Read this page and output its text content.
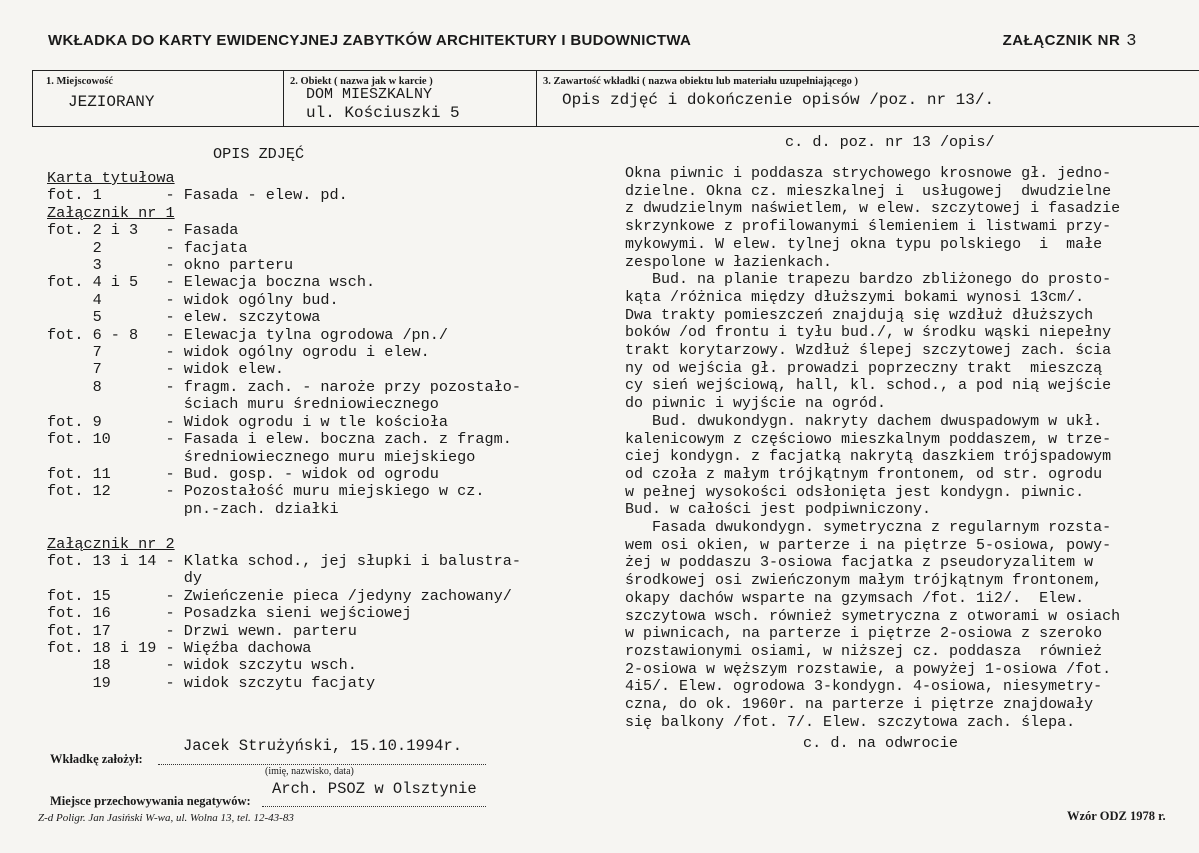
WKŁADKA DO KARTY EWIDENCYJNEJ ZABYTKÓW ARCHITEKTURY I BUDOWNICTWA	ZAŁĄCZNIK NR 3
1. Miejscowość
JEZIORANY
2. Obiekt ( nazwa jak w karcie )
DOM MIESZKALNY
ul. Kościuszki 5
3. Zawartość wkładki ( nazwa obiektu lub materiału uzupełniającego )
Opis zdjęć i dokończenie opisów /poz. nr 13/.
OPIS ZDJĘĆ
Karta tytułowa
fot. 1       - Fasada - elew. pd.
Załącznik nr 1
fot. 2 i 3   - Fasada
2       - facjata
3       - okno parteru
fot. 4 i 5   - Elewacja boczna wsch.
4       - widok ogólny bud.
5       - elew. szczytowa
fot. 6 - 8   - Elewacja tylna ogrodowa /pn./
7       - widok ogólny ogrodu i elew.
7       - widok elew.
8       - fragm. zach. - naroże przy pozostało-
ściach muru średniowiecznego
fot. 9       - Widok ogrodu i w tle kościoła
fot. 10      - Fasada i elew. boczna zach. z fragm.
średniowiecznego muru miejskiego
fot. 11      - Bud. gosp. - widok od ogrodu
fot. 12      - Pozostałość muru miejskiego w cz.
pn.-zach. działki

Załącznik nr 2
fot. 13 i 14 - Klatka schod., jej słupki i balustra-
dy
fot. 15      - Zwieńczenie pieca /jedyny zachowany/
fot. 16      - Posadzka sieni wejściowej
fot. 17      - Drzwi wewn. parteru
fot. 18 i 19 - Więźba dachowa
18      - widok szczytu wsch.
19      - widok szczytu facjaty
c. d. poz. nr 13 /opis/
Okna piwnic i poddasza strychowego krosnowe gł. jedno-
dzielne. Okna cz. mieszkalnej i  usługowej  dwudzielne
z dwudzielnym naświetlem, w elew. szczytowej i fasadzie
skrzynkowe z profilowanymi ślemieniem i listwami przy-
mykowymi. W elew. tylnej okna typu polskiego  i  małe
zespolone w łazienkach.
Bud. na planie trapezu bardzo zbliżonego do prosto-
kąta /różnica między dłuższymi bokami wynosi 13cm/.
Dwa trakty pomieszczeń znajdują się wzdłuż dłuższych
boków /od frontu i tyłu bud./, w środku wąski niepełny
trakt korytarzowy. Wzdłuż ślepej szczytowej zach. ścia
ny od wejścia gł. prowadzi poprzeczny trakt  mieszczą
cy sień wejściową, hall, kl. schod., a pod nią wejście
do piwnic i wyjście na ogród.
Bud. dwukondygn. nakryty dachem dwuspadowym w ukł.
kalenicowym z częściowo mieszkalnym poddaszem, w trze-
ciej kondygn. z facjatką nakrytą daszkiem trójspadowym
od czoła z małym trójkątnym frontonem, od str. ogrodu
w pełnej wysokości odsłonięta jest kondygn. piwnic.
Bud. w całości jest podpiwniczony.
Fasada dwukondygn. symetryczna z regularnym rozsta-
wem osi okien, w parterze i na piętrze 5-osiowa, powy-
żej w poddaszu 3-osiowa facjatka z pseudoryzalitem w
środkowej osi zwieńczonym małym trójkątnym frontonem,
okapy dachów wsparte na gzymsach /fot. 1i2/.  Elew.
szczytowa wsch. również symetryczna z otworami w osiach
w piwnicach, na parterze i piętrze 2-osiowa z szeroko
rozstawionymi osiami, w niższej cz. poddasza  również
2-osiowa w węższym rozstawie, a powyżej 1-osiowa /fot.
4i5/. Elew. ogrodowa 3-kondygn. 4-osiowa, niesymetry-
czna, do ok. 1960r. na parterze i piętrze znajdowały
się balkony /fot. 7/. Elew. szczytowa zach. ślepa.
c. d. na odwrocie
Wkładkę założył:
Jacek Strużyński, 15.10.1994r.
(imię, nazwisko, data)
Miejsce przechowywania negatywów:
Arch. PSOZ w Olsztynie
Z-d Poligr. Jan Jasiński W-wa, ul. Wolna 13, tel. 12-43-83	Wzór ODZ 1978 r.
